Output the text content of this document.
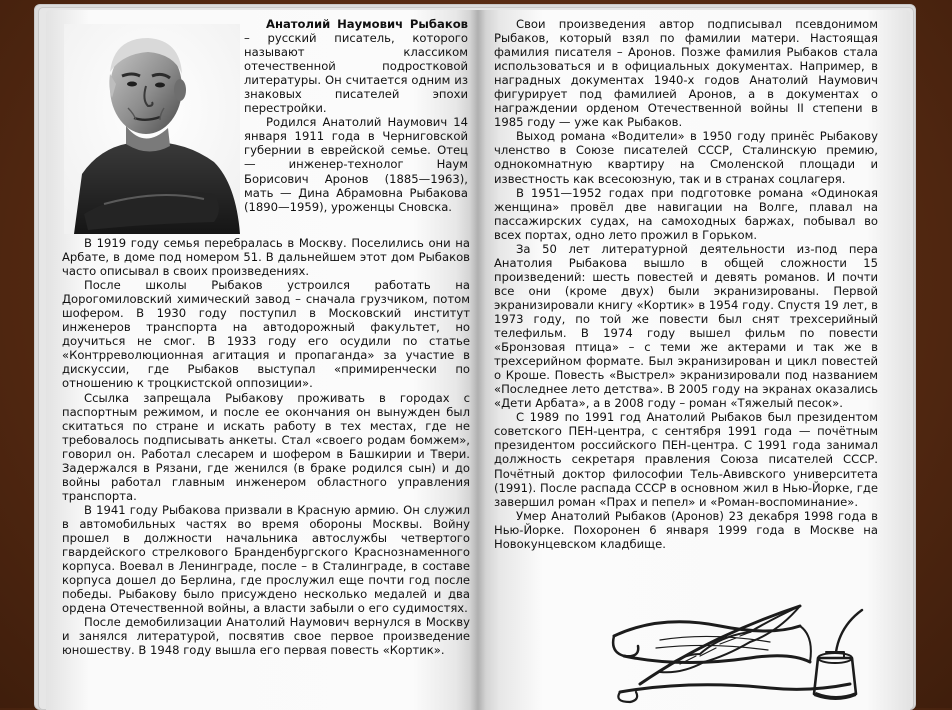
Анатолий Наумович Рыбаков – русский писатель, которого называют классиком отечественной подростковой литературы. Он считается одним из знаковых писателей эпохи перестройки.

Родился Анатолий Наумович 14 января 1911 года в Черниговской губернии в еврейской семье. Отец — инженер-технолог Наум Борисович Аронов (1885—1963), мать — Дина Абрамовна Рыбакова (1890—1959), уроженцы Сновска.

В 1919 году семья перебралась в Москву. Поселились они на Арбате, в доме под номером 51. В дальнейшем этот дом Рыбаков часто описывал в своих произведениях.

После школы Рыбаков устроился работать на Дорогомиловский химический завод – сначала грузчиком, потом шофером. В 1930 году поступил в Московский институт инженеров транспорта на автодорожный факультет, но доучиться не смог. В 1933 году его осудили по статье «Контрреволюционная агитация и пропаганда» за участие в дискуссии, где Рыбаков выступал «примиренчески по отношению к троцкистской оппозиции».

Ссылка запрещала Рыбакову проживать в городах с паспортным режимом, и после ее окончания он вынужден был скитаться по стране и искать работу в тех местах, где не требовалось подписывать анкеты. Стал «своего родам бомжем», говорил он. Работал слесарем и шофером в Башкирии и Твери. Задержался в Рязани, где женился (в браке родился сын) и до войны работал главным инженером областного управления транспорта.

В 1941 году Рыбакова призвали в Красную армию. Он служил в автомобильных частях во время обороны Москвы. Войну прошел в должности начальника автослужбы четвертого гвардейского стрелкового Бранденбургского Краснознаменного корпуса. Воевал в Ленинграде, после – в Сталинграде, в составе корпуса дошел до Берлина, где прослужил еще почти год после победы. Рыбакову было присуждено несколько медалей и два ордена Отечественной войны, а власти забыли о его судимостях.

После демобилизации Анатолий Наумович вернулся в Москву и занялся литературой, посвятив свое первое произведение юношеству. В 1948 году вышла его первая повесть «Кортик».

Свои произведения автор подписывал псевдонимом Рыбаков, который взял по фамилии матери. Настоящая фамилия писателя – Аронов. Позже фамилия Рыбаков стала использоваться и в официальных документах. Например, в наградных документах 1940-х годов Анатолий Наумович фигурирует под фамилией Аронов, а в документах о награждении орденом Отечественной войны II степени в 1985 году — уже как Рыбаков.

Выход романа «Водители» в 1950 году принёс Рыбакову членство в Союзе писателей СССР, Сталинскую премию, однокомнатную квартиру на Смоленской площади и известность как всесоюзную, так и в странах соцлагеря.

В 1951—1952 годах при подготовке романа «Одинокая женщина» провёл две навигации на Волге, плавал на пассажирских судах, на самоходных баржах, побывал во всех портах, одно лето прожил в Горьком.

За 50 лет литературной деятельности из-под пера Анатолия Рыбакова вышло в общей сложности 15 произведений: шесть повестей и девять романов. И почти все они (кроме двух) были экранизированы. Первой экранизировали книгу «Кортик» в 1954 году. Спустя 19 лет, в 1973 году, по той же повести был снят трехсерийный телефильм. В 1974 году вышел фильм по повести «Бронзовая птица» – с теми же актерами и так же в трехсерийном формате. Был экранизирован и цикл повестей о Кроше. Повесть «Выстрел» экранизировали под названием «Последнее лето детства». В 2005 году на экранах оказались «Дети Арбата», а в 2008 году – роман «Тяжелый песок».

С 1989 по 1991 год Анатолий Рыбаков был президентом советского ПЕН-центра, с сентября 1991 года — почётным президентом российского ПЕН-центра. С 1991 года занимал должность секретаря правления Союза писателей СССР. Почётный доктор философии Тель-Авивского университета (1991). После распада СССР в основном жил в Нью-Йорке, где завершил роман «Прах и пепел» и «Роман-воспоминание».

Умер Анатолий Рыбаков (Аронов) 23 декабря 1998 года в Нью-Йорке. Похоронен 6 января 1999 года в Москве на Новокунцевском кладбище.
